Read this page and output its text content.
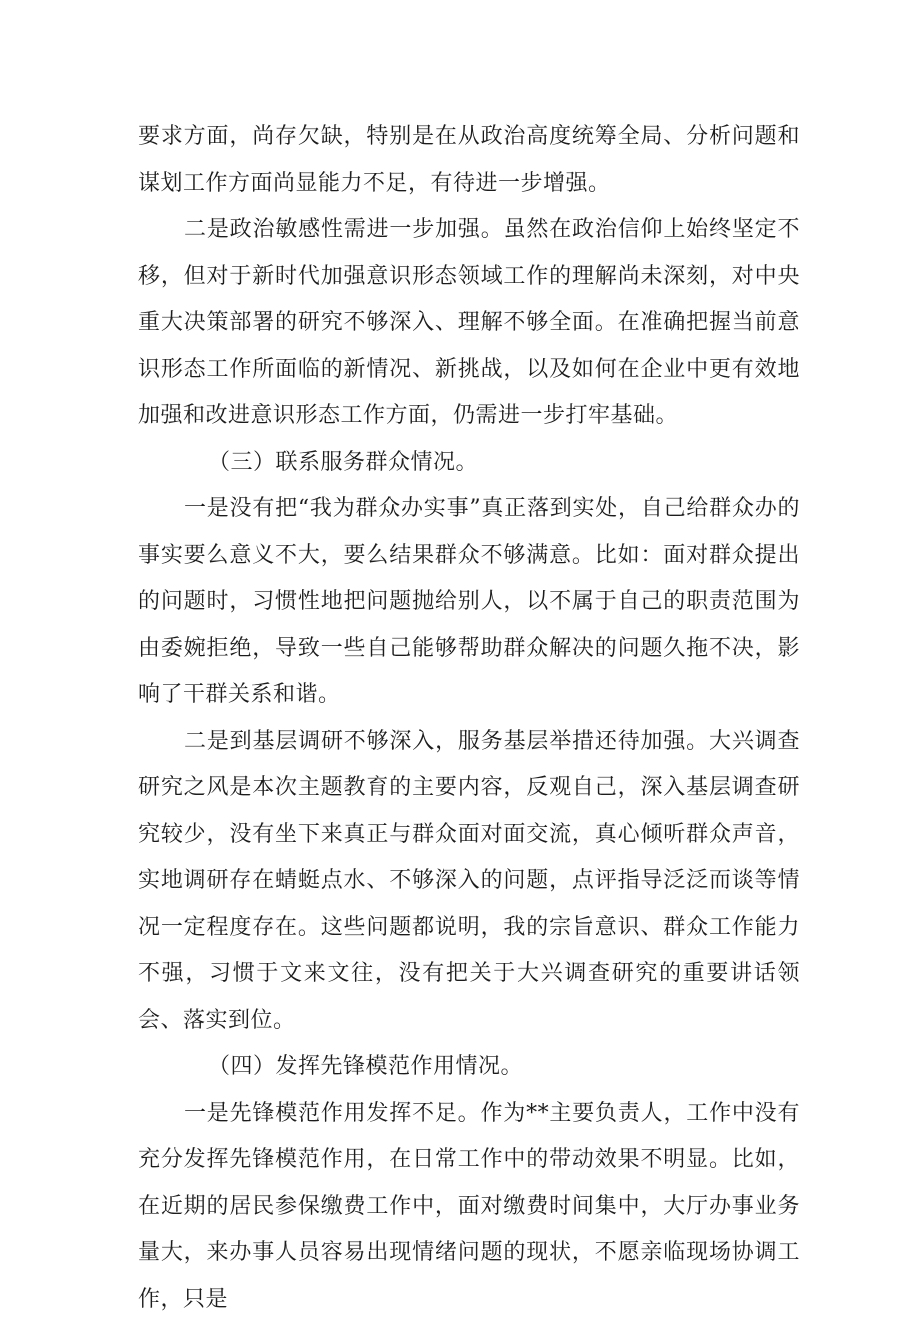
要求方面，尚存欠缺，特别是在从政治高度统筹全局、分析问题和谋划工作方面尚显能力不足，有待进一步增强。

二是政治敏感性需进一步加强。虽然在政治信仰上始终坚定不移，但对于新时代加强意识形态领域工作的理解尚未深刻，对中央重大决策部署的研究不够深入、理解不够全面。在准确把握当前意识形态工作所面临的新情况、新挑战，以及如何在企业中更有效地加强和改进意识形态工作方面，仍需进一步打牢基础。

（三）联系服务群众情况。

一是没有把“我为群众办实事”真正落到实处，自己给群众办的事实要么意义不大，要么结果群众不够满意。比如：面对群众提出的问题时，习惯性地把问题抛给别人，以不属于自己的职责范围为由委婉拒绝，导致一些自己能够帮助群众解决的问题久拖不决，影响了干群关系和谐。

二是到基层调研不够深入，服务基层举措还待加强。大兴调查研究之风是本次主题教育的主要内容，反观自己，深入基层调查研究较少，没有坐下来真正与群众面对面交流，真心倾听群众声音，实地调研存在蜻蜓点水、不够深入的问题，点评指导泛泛而谈等情况一定程度存在。这些问题都说明，我的宗旨意识、群众工作能力不强，习惯于文来文往，没有把关于大兴调查研究的重要讲话领会、落实到位。

（四）发挥先锋模范作用情况。

一是先锋模范作用发挥不足。作为**主要负责人，工作中没有充分发挥先锋模范作用，在日常工作中的带动效果不明显。比如，在近期的居民参保缴费工作中，面对缴费时间集中，大厅办事业务量大，来办事人员容易出现情绪问题的现状，不愿亲临现场协调工作，只是
